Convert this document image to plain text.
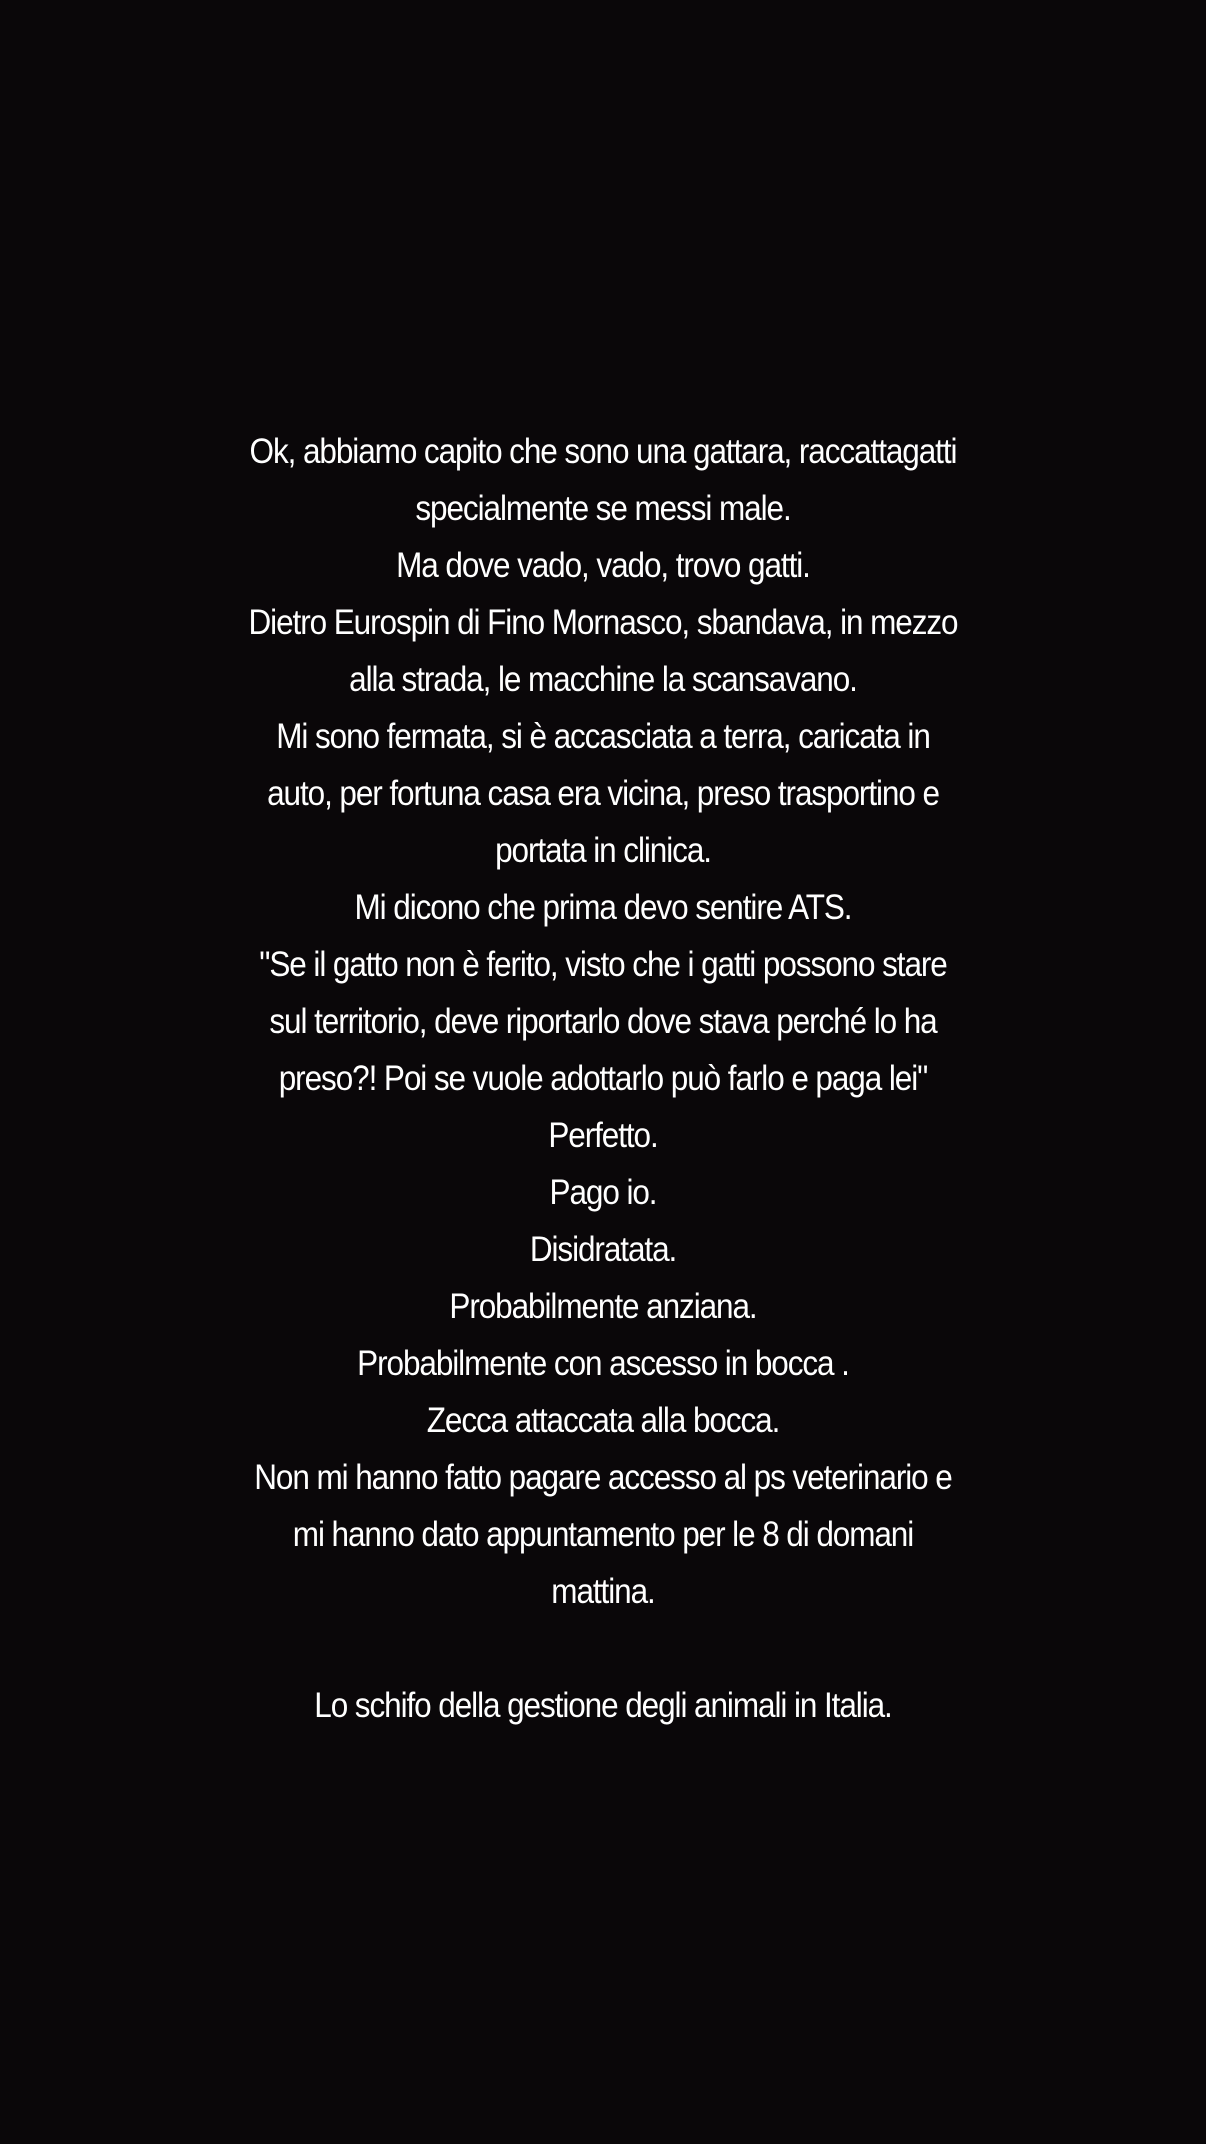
Ok, abbiamo capito che sono una gattara, raccattagatti
specialmente se messi male.
Ma dove vado, vado, trovo gatti.
Dietro Eurospin di Fino Mornasco, sbandava, in mezzo
alla strada, le macchine la scansavano.
Mi sono fermata, si è accasciata a terra, caricata in
auto, per fortuna casa era vicina, preso trasportino e
portata in clinica.
Mi dicono che prima devo sentire ATS.
"Se il gatto non è ferito, visto che i gatti possono stare
sul territorio, deve riportarlo dove stava perché lo ha
preso?! Poi se vuole adottarlo può farlo e paga lei"
Perfetto.
Pago io.
Disidratata.
Probabilmente anziana.
Probabilmente con ascesso in bocca .
Zecca attaccata alla bocca.
Non mi hanno fatto pagare accesso al ps veterinario e
mi hanno dato appuntamento per le 8 di domani
mattina.
Lo schifo della gestione degli animali in Italia.
